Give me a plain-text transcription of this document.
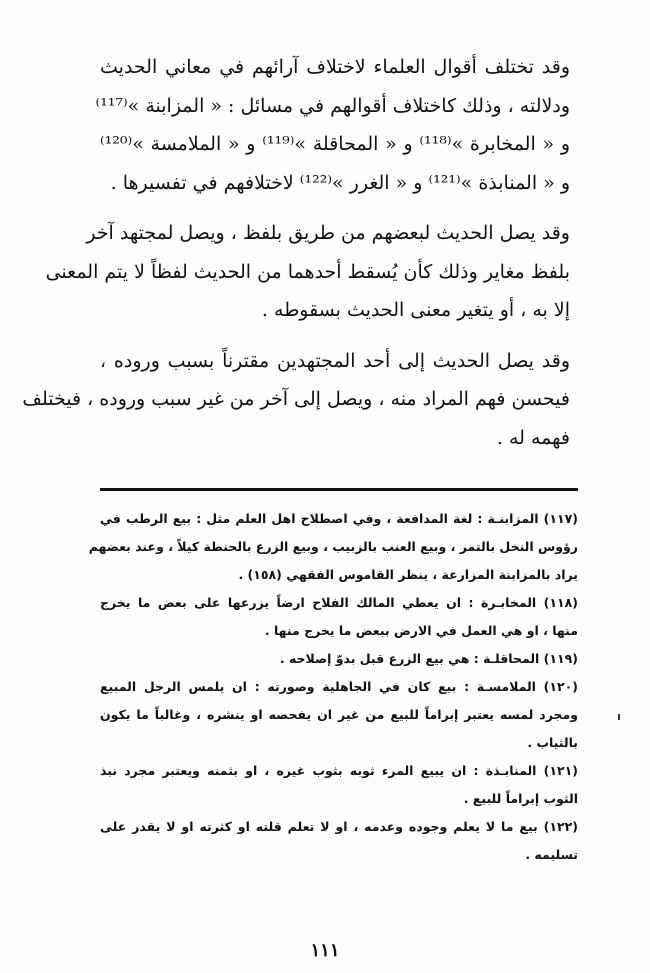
وقد تختلف أقوال العلماء لاختلاف آرائهم في معاني الحديث
ودلالته ، وذلك كاختلاف أقوالهم في مسائل : « المزابنة »⁽¹¹⁷⁾
و « المخابرة »⁽¹¹⁸⁾ و « المحاقلة »⁽¹¹⁹⁾ و « الملامسة »⁽¹²⁰⁾
و « المنابذة »⁽¹²¹⁾ و « الغرر »⁽¹²²⁾ لاختلافهم في تفسيرها .
وقد يصل الحديث لبعضهم من طريق بلفظ ، ويصل لمجتهد آخر
بلفظ مغاير وذلك كأن يُسقط أحدهما من الحديث لفظاً لا يتم المعنى
إلا به ، أو يتغير معنى الحديث بسقوطه .
وقد يصل الحديث إلى أحد المجتهدين مقترناً بسبب وروده ،
فيحسن فهم المراد منه ، ويصل إلى آخر من غير سبب وروده ، فيختلف
فهمه له .
(١١٧) المزابنـة : لغة المدافعة ، وفي اصطلاح اهل العلم مثل : بيع الرطب في
رؤوس النخل بالتمر ، وبيع العنب بالزبيب ، وبيع الزرع بالحنطة كيلاً ، وعند بعضهم
يراد بالمزابنة المزارعة ، ينظر القاموس الفقهي (١٥٨) .
(١١٨) المخابـرة : ان يعطي المالك الفلاح ارضاً يزرعها على بعض ما يخرج
منها ، او هي العمل في الارض ببعض ما يخرج منها .
(١١٩) المحاقلـة : هي بيع الزرع قبل بدوّ إصلاحه .
(١٢٠) الملامسـة : بيع كان في الجاهلية وصورته : ان يلمس الرجل المبيع
ومجرد لمسه يعتبر إبراماً للبيع من غير ان يفحصه او ينشره ، وغالباً ما يكون
بالثياب .
(١٢١) المنابـذة : ان يبيع المرء ثوبه بثوب غيره ، او بثمنه ويعتبر مجرد نبذ
الثوب إبراماً للبيع .
(١٢٢) بيع ما لا يعلم وجوده وعدمه ، او لا تعلم قلته او كثرته او لا يقدر على
تسليمه .
١١١
